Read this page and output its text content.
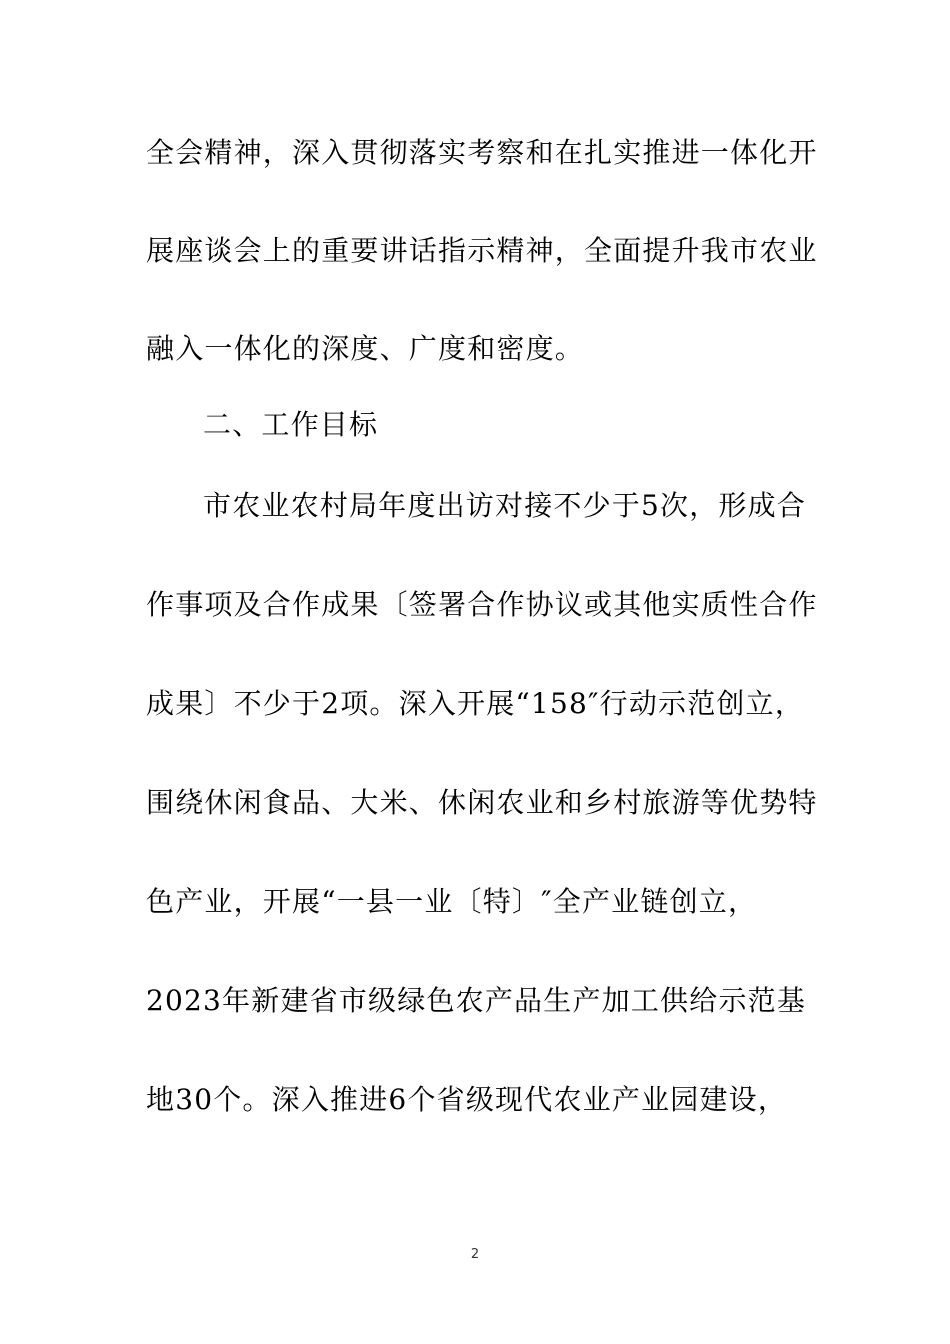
全会精神，深入贯彻落实考察和在扎实推进一体化开
展座谈会上的重要讲话指示精神，全面提升我市农业
融入一体化的深度、广度和密度。
二、工作目标
市农业农村局年度出访对接不少于5次，形成合
作事项及合作成果〔签署合作协议或其他实质性合作
成果〕不少于2项。深入开展“158″行动示范创立，
围绕休闲食品、大米、休闲农业和乡村旅游等优势特
色产业，开展“一县一业〔特〕″全产业链创立，
2023年新建省市级绿色农产品生产加工供给示范基
地30个。深入推进6个省级现代农业产业园建设，
2
